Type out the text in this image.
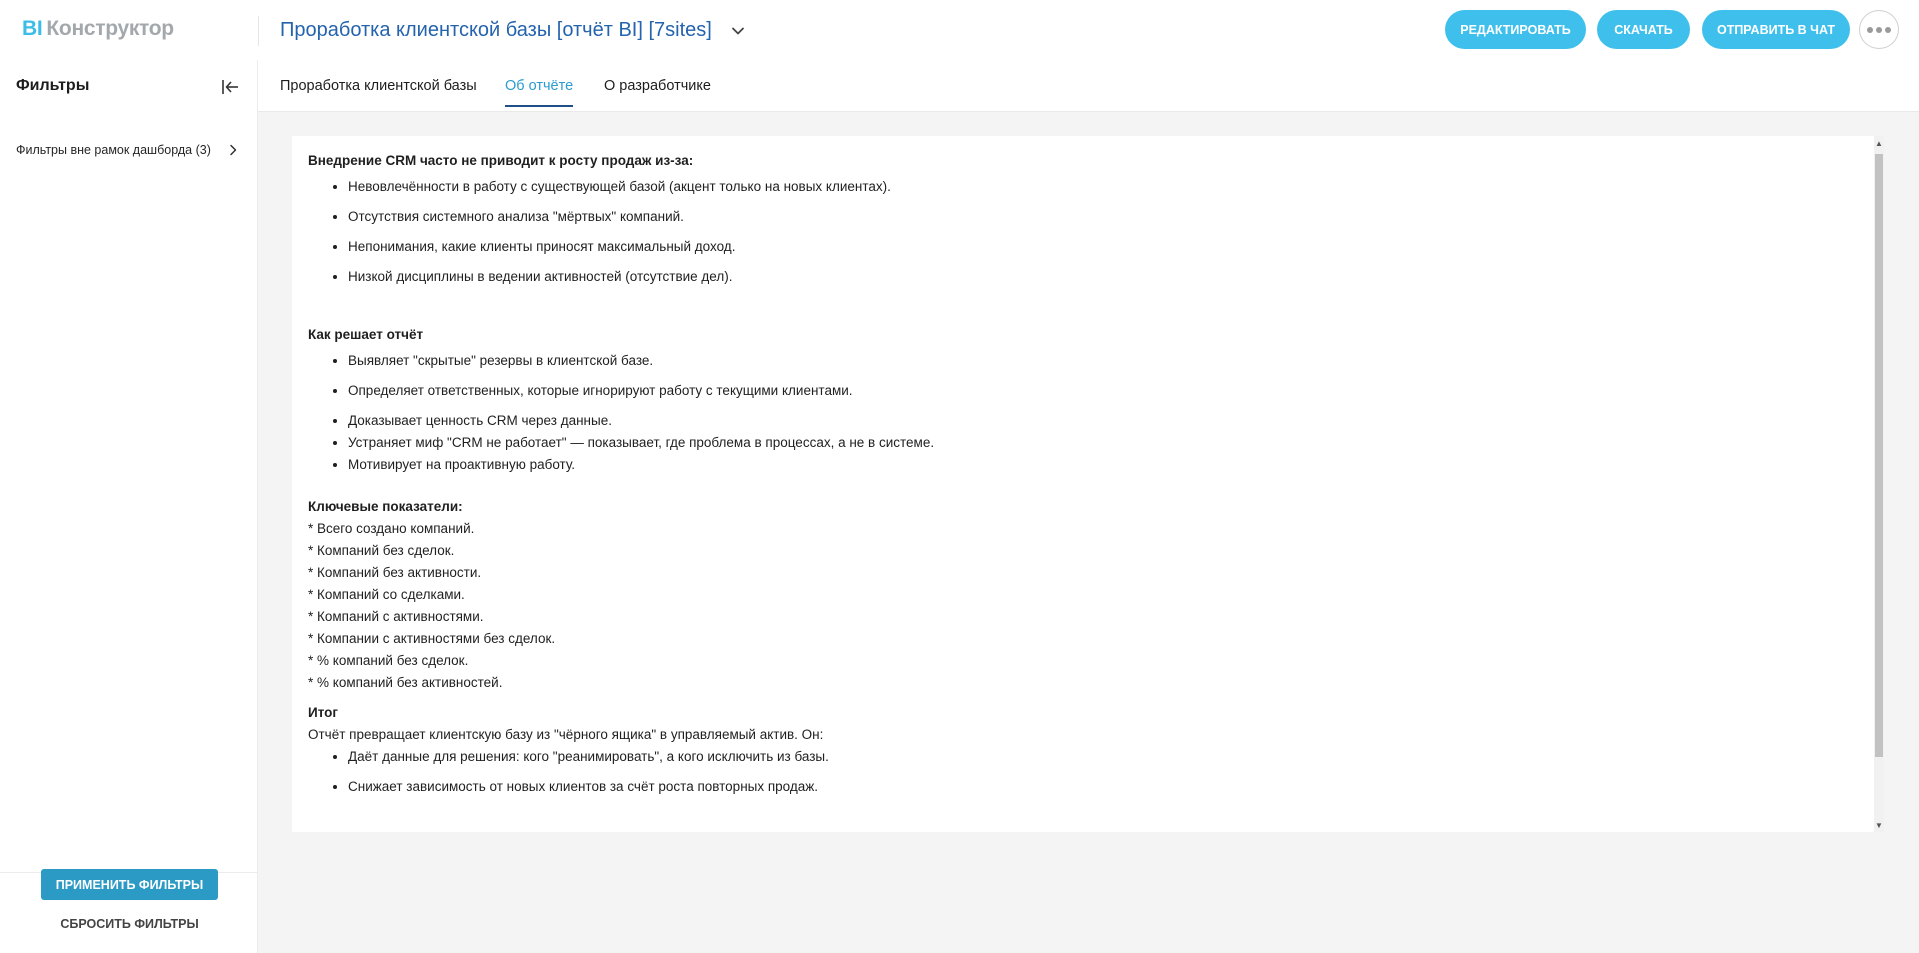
BI Конструктор	Проработка клиентской базы [отчёт BI] [7sites]	РЕДАКТИРОВАТЬ	СКАЧАТЬ	ОТПРАВИТЬ В ЧАТ
Фильтры
Фильтры вне рамок дашборда (3)
ПРИМЕНИТЬ ФИЛЬТРЫ
СБРОСИТЬ ФИЛЬТРЫ
Проработка клиентской базы Об отчёте О разработчике
Внедрение CRM часто не приводит к росту продаж из-за:
• Невовлечённости в работу с существующей базой (акцент только на новых клиентах).
• Отсутствия системного анализа "мёртвых" компаний.
• Непонимания, какие клиенты приносят максимальный доход.
• Низкой дисциплины в ведении активностей (отсутствие дел).
Как решает отчёт
• Выявляет "скрытые" резервы в клиентской базе.
• Определяет ответственных, которые игнорируют работу с текущими клиентами.
• Доказывает ценность CRM через данные.
• Устраняет миф "CRM не работает" — показывает, где проблема в процессах, а не в системе.
• Мотивирует на проактивную работу.
Ключевые показатели:

* Всего создано компаний.

* Компаний без сделок.

* Компаний без активности.

* Компаний со сделками.

* Компаний с активностями.

* Компании с активностями без сделок.

* % компаний без сделок.

* % компаний без активностей.

Итог

Отчёт превращает клиентскую базу из "чёрного ящика" в управляемый актив. Он:

• Даёт данные для решения: кого "реанимировать", а кого исключить из базы.
• Снижает зависимость от новых клиентов за счёт роста повторных продаж.
▲
▼
